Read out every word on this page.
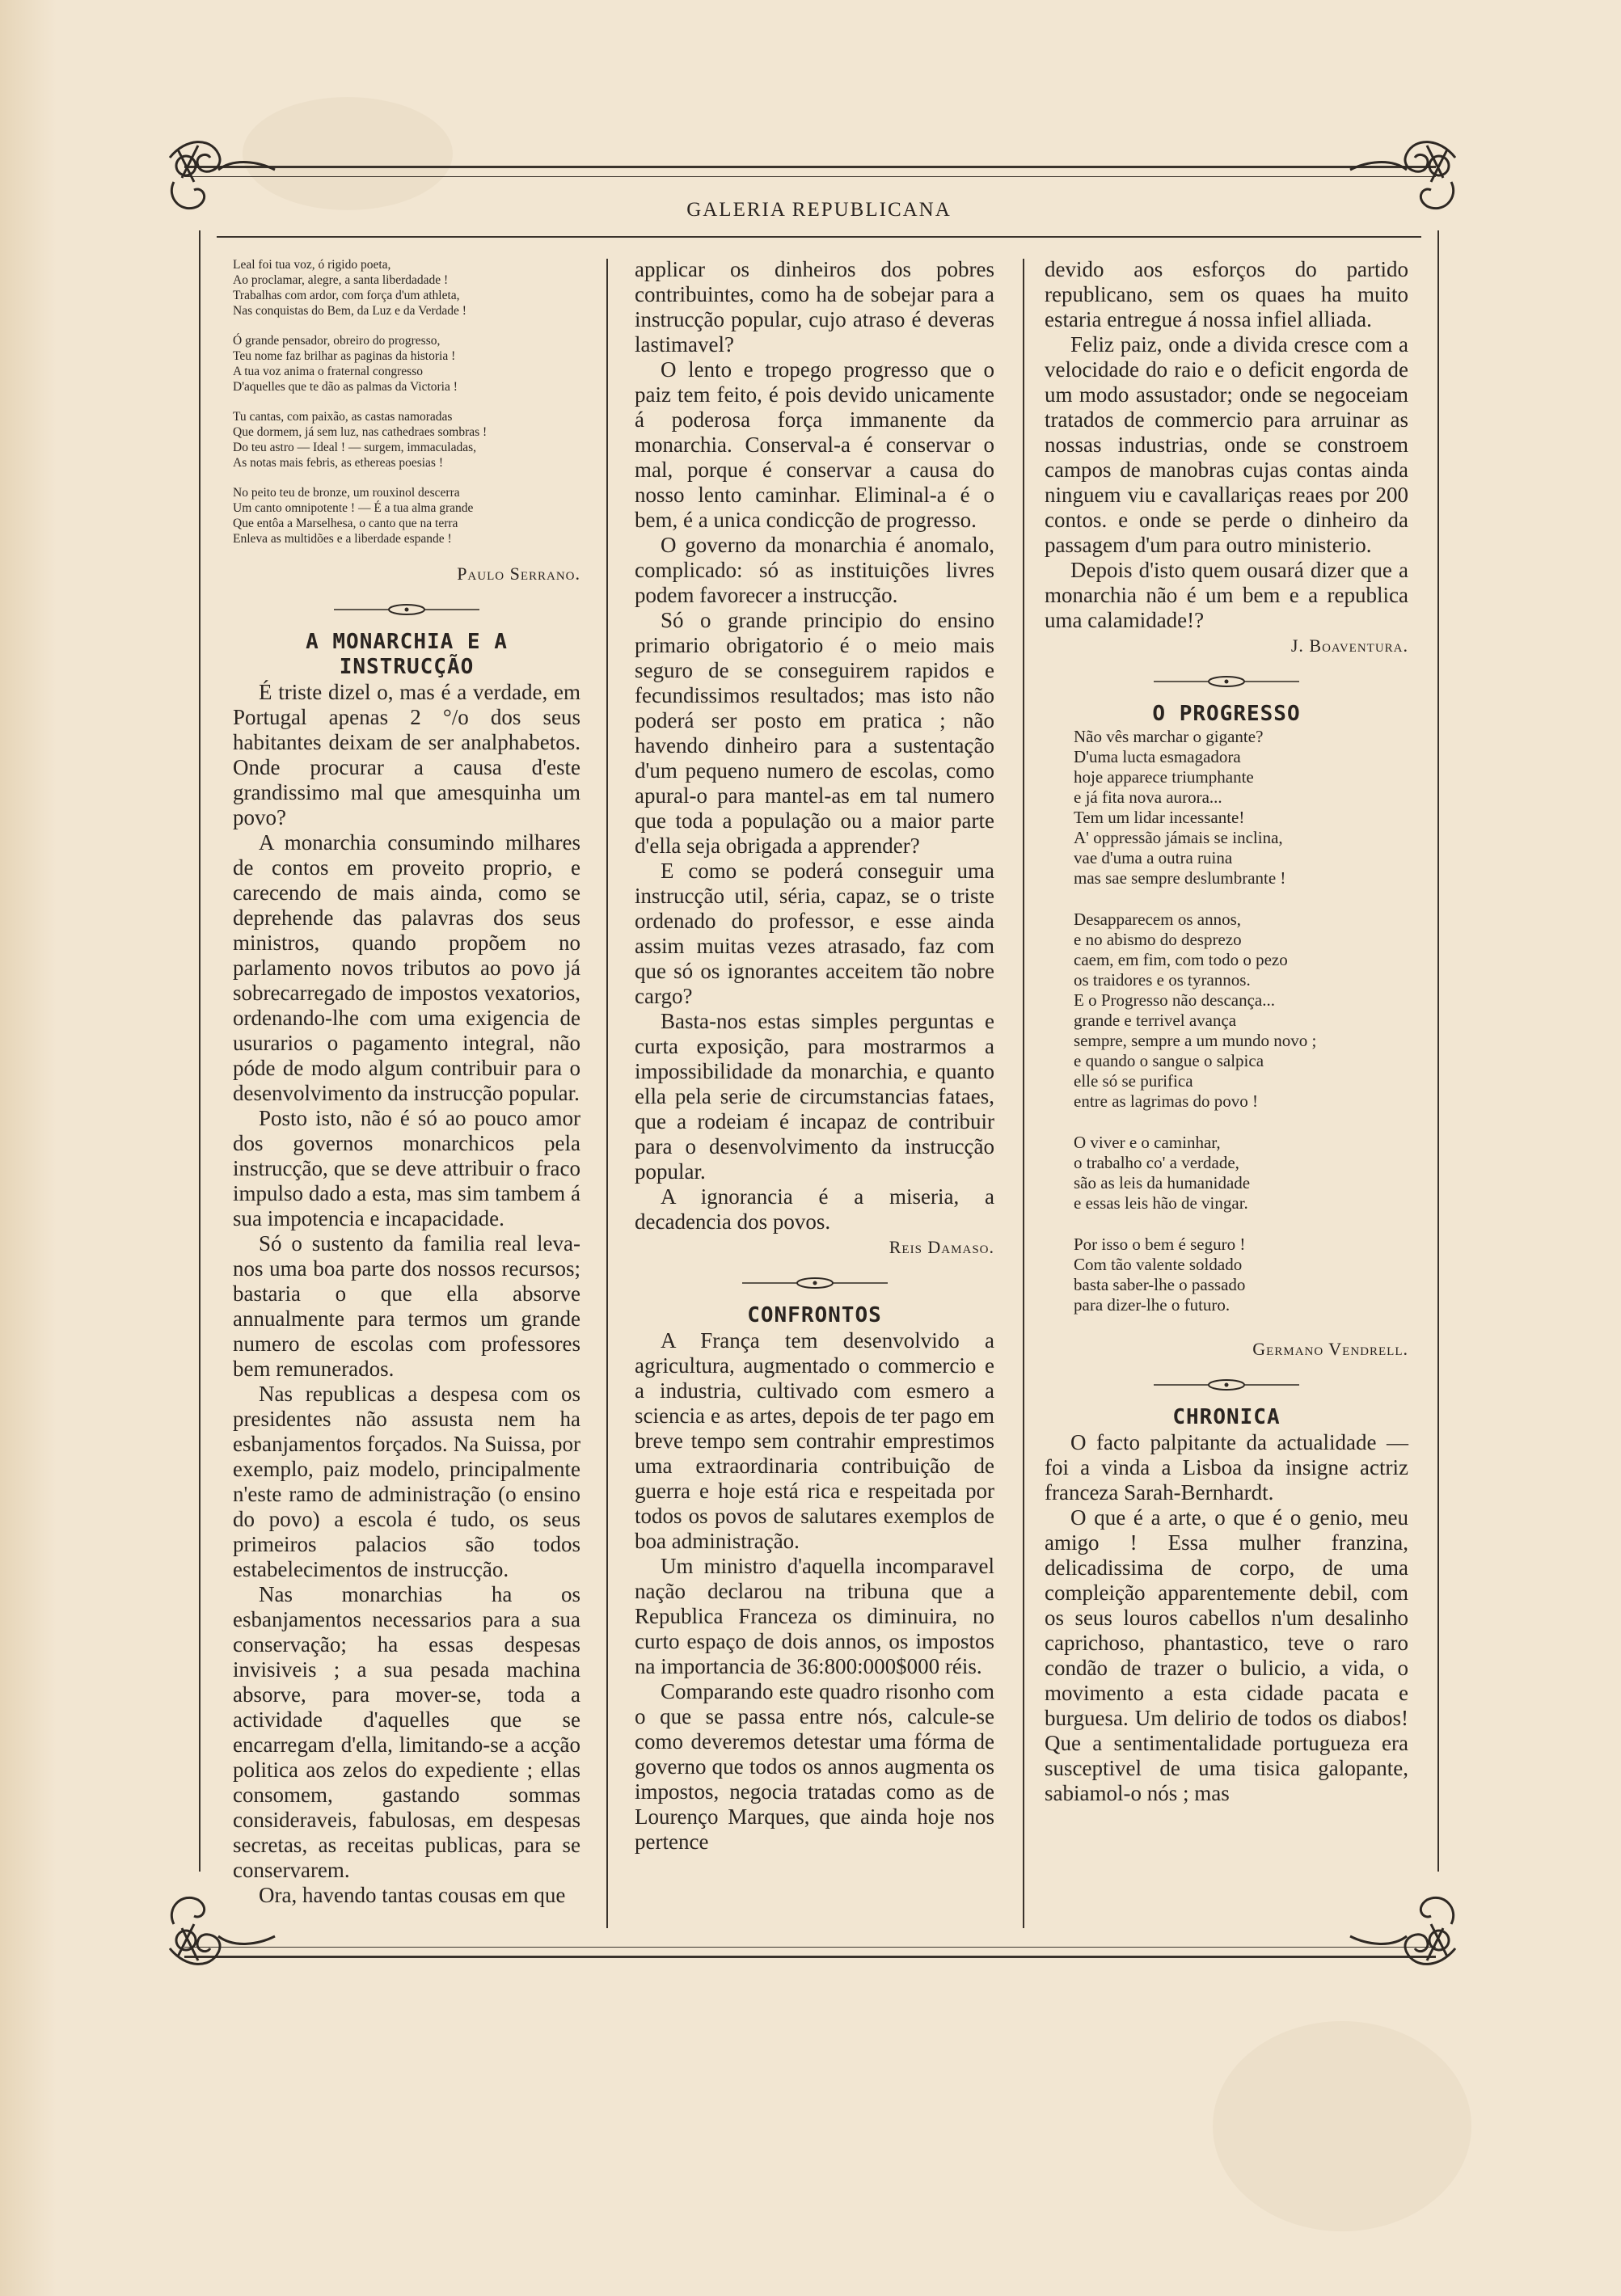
GALERIA REPUBLICANA
Leal foi tua voz, ó rigido poeta,
Ao proclamar, alegre, a santa liberdadade !
Trabalhas com ardor, com força d'um athleta,
Nas conquistas do Bem, da Luz e da Verdade !
Ó grande pensador, obreiro do progresso,
Teu nome faz brilhar as paginas da historia !
A tua voz anima o fraternal congresso
D'aquelles que te dão as palmas da Victoria !
Tu cantas, com paixão, as castas namoradas
Que dormem, já sem luz, nas cathedraes sombras !
Do teu astro — Ideal ! — surgem, immaculadas,
As notas mais febris, as ethereas poesias !
No peito teu de bronze, um rouxinol descerra
Um canto omnipotente ! — É a tua alma grande
Que entôa a Marselhesa, o canto que na terra
Enleva as multidões e a liberdade espande !

Paulo Serrano.

A MONARCHIA E A INSTRUCÇÃO

É triste dizel o, mas é a verdade, em Portugal apenas 2 °/o dos seus habitantes deixam de ser analphabetos. Onde procurar a causa d'este grandissimo mal que amesquinha um povo?

A monarchia consumindo milhares de contos em proveito proprio, e carecendo de mais ainda, como se deprehende das palavras dos seus ministros, quando propõem no parlamento novos tributos ao povo já sobrecarregado de impostos vexatorios, ordenando-lhe com uma exigencia de usurarios o pagamento integral, não póde de modo algum contribuir para o desenvolvimento da instrucção popular.

Posto isto, não é só ao pouco amor dos governos monarchicos pela instrucção, que se deve attribuir o fraco impulso dado a esta, mas sim tambem á sua impotencia e incapacidade.

Só o sustento da familia real leva-nos uma boa parte dos nossos recursos; bastaria o que ella absorve annualmente para termos um grande numero de escolas com professores bem remunerados.

Nas republicas a despesa com os presidentes não assusta nem ha esbanjamentos forçados. Na Suissa, por exemplo, paiz modelo, principalmente n'este ramo de administração (o ensino do povo) a escola é tudo, os seus primeiros palacios são todos estabelecimentos de instrucção.

Nas monarchias ha os esbanjamentos necessarios para a sua conservação; ha essas despesas invisiveis ; a sua pesada machina absorve, para mover-se, toda a actividade d'aquelles que se encarregam d'ella, limitando-se a acção politica aos zelos do expediente ; ellas consomem, gastando sommas consideraveis, fabulosas, em despesas secretas, as receitas publicas, para se conservarem.

Ora, havendo tantas cousas em que

applicar os dinheiros dos pobres contribuintes, como ha de sobejar para a instrucção popular, cujo atraso é deveras lastimavel?

O lento e tropego progresso que o paiz tem feito, é pois devido unicamente á poderosa força immanente da monarchia. Conserval-a é conservar o mal, porque é conservar a causa do nosso lento caminhar. Eliminal-a é o bem, é a unica condicção de progresso.

O governo da monarchia é anomalo, complicado: só as instituições livres podem favorecer a instrucção.

Só o grande principio do ensino primario obrigatorio é o meio mais seguro de se conseguirem rapidos e fecundissimos resultados; mas isto não poderá ser posto em pratica ; não havendo dinheiro para a sustentação d'um pequeno numero de escolas, como apural-o para mantel-as em tal numero que toda a população ou a maior parte d'ella seja obrigada a apprender?

E como se poderá conseguir uma instrucção util, séria, capaz, se o triste ordenado do professor, e esse ainda assim muitas vezes atrasado, faz com que só os ignorantes acceitem tão nobre cargo?

Basta-nos estas simples perguntas e curta exposição, para mostrarmos a impossibilidade da monarchia, e quanto ella pela serie de circumstancias fataes, que a rodeiam é incapaz de contribuir para o desenvolvimento da instrucção popular.

A ignorancia é a miseria, a decadencia dos povos.

Reis Damaso.

CONFRONTOS

A França tem desenvolvido a agricultura, augmentado o commercio e a industria, cultivado com esmero a sciencia e as artes, depois de ter pago em breve tempo sem contrahir emprestimos uma extraordinaria contribuição de guerra e hoje está rica e respeitada por todos os povos de salutares exemplos de boa administração.

Um ministro d'aquella incomparavel nação declarou na tribuna que a Republica Franceza os diminuira, no curto espaço de dois annos, os impostos na importancia de 36:800:000$000 réis.

Comparando este quadro risonho com o que se passa entre nós, calcule-se como deveremos detestar uma fórma de governo que todos os annos augmenta os impostos, negocia tratadas como as de Lourenço Marques, que ainda hoje nos pertence

devido aos esforços do partido republicano, sem os quaes ha muito estaria entregue á nossa infiel alliada.

Feliz paiz, onde a divida cresce com a velocidade do raio e o deficit engorda de um modo assustador; onde se negoceiam tratados de commercio para arruinar as nossas industrias, onde se constroem campos de manobras cujas contas ainda ninguem viu e cavallariças reaes por 200 contos. e onde se perde o dinheiro da passagem d'um para outro ministerio.

Depois d'isto quem ousará dizer que a monarchia não é um bem e a republica uma calamidade!?

J. Boaventura.

O PROGRESSO

Não vês marchar o gigante?
D'uma lucta esmagadora
hoje apparece triumphante
e já fita nova aurora...
Tem um lidar incessante!
A' oppressão jámais se inclina,
vae d'uma a outra ruina
mas sae sempre deslumbrante !
Desapparecem os annos,
e no abismo do desprezo
caem, em fim, com todo o pezo
os traidores e os tyrannos.
E o Progresso não descança...
grande e terrivel avança
sempre, sempre a um mundo novo ;
e quando o sangue o salpica
elle só se purifica
entre as lagrimas do povo !
O viver e o caminhar,
o trabalho co' a verdade,
são as leis da humanidade
e essas leis hão de vingar.
Por isso o bem é seguro !
Com tão valente soldado
basta saber-lhe o passado
para dizer-lhe o futuro.

Germano Vendrell.

CHRONICA

O facto palpitante da actualidade — foi a vinda a Lisboa da insigne actriz franceza Sarah-Bernhardt.

O que é a arte, o que é o genio, meu amigo ! Essa mulher franzina, delicadissima de corpo, de uma compleição apparentemente debil, com os seus louros cabellos n'um desalinho caprichoso, phantastico, teve o raro condão de trazer o bulicio, a vida, o movimento a esta cidade pacata e burguesa. Um delirio de todos os diabos! Que a sentimentalidade portugueza era susceptivel de uma tisica galopante, sabiamol-o nós ; mas
